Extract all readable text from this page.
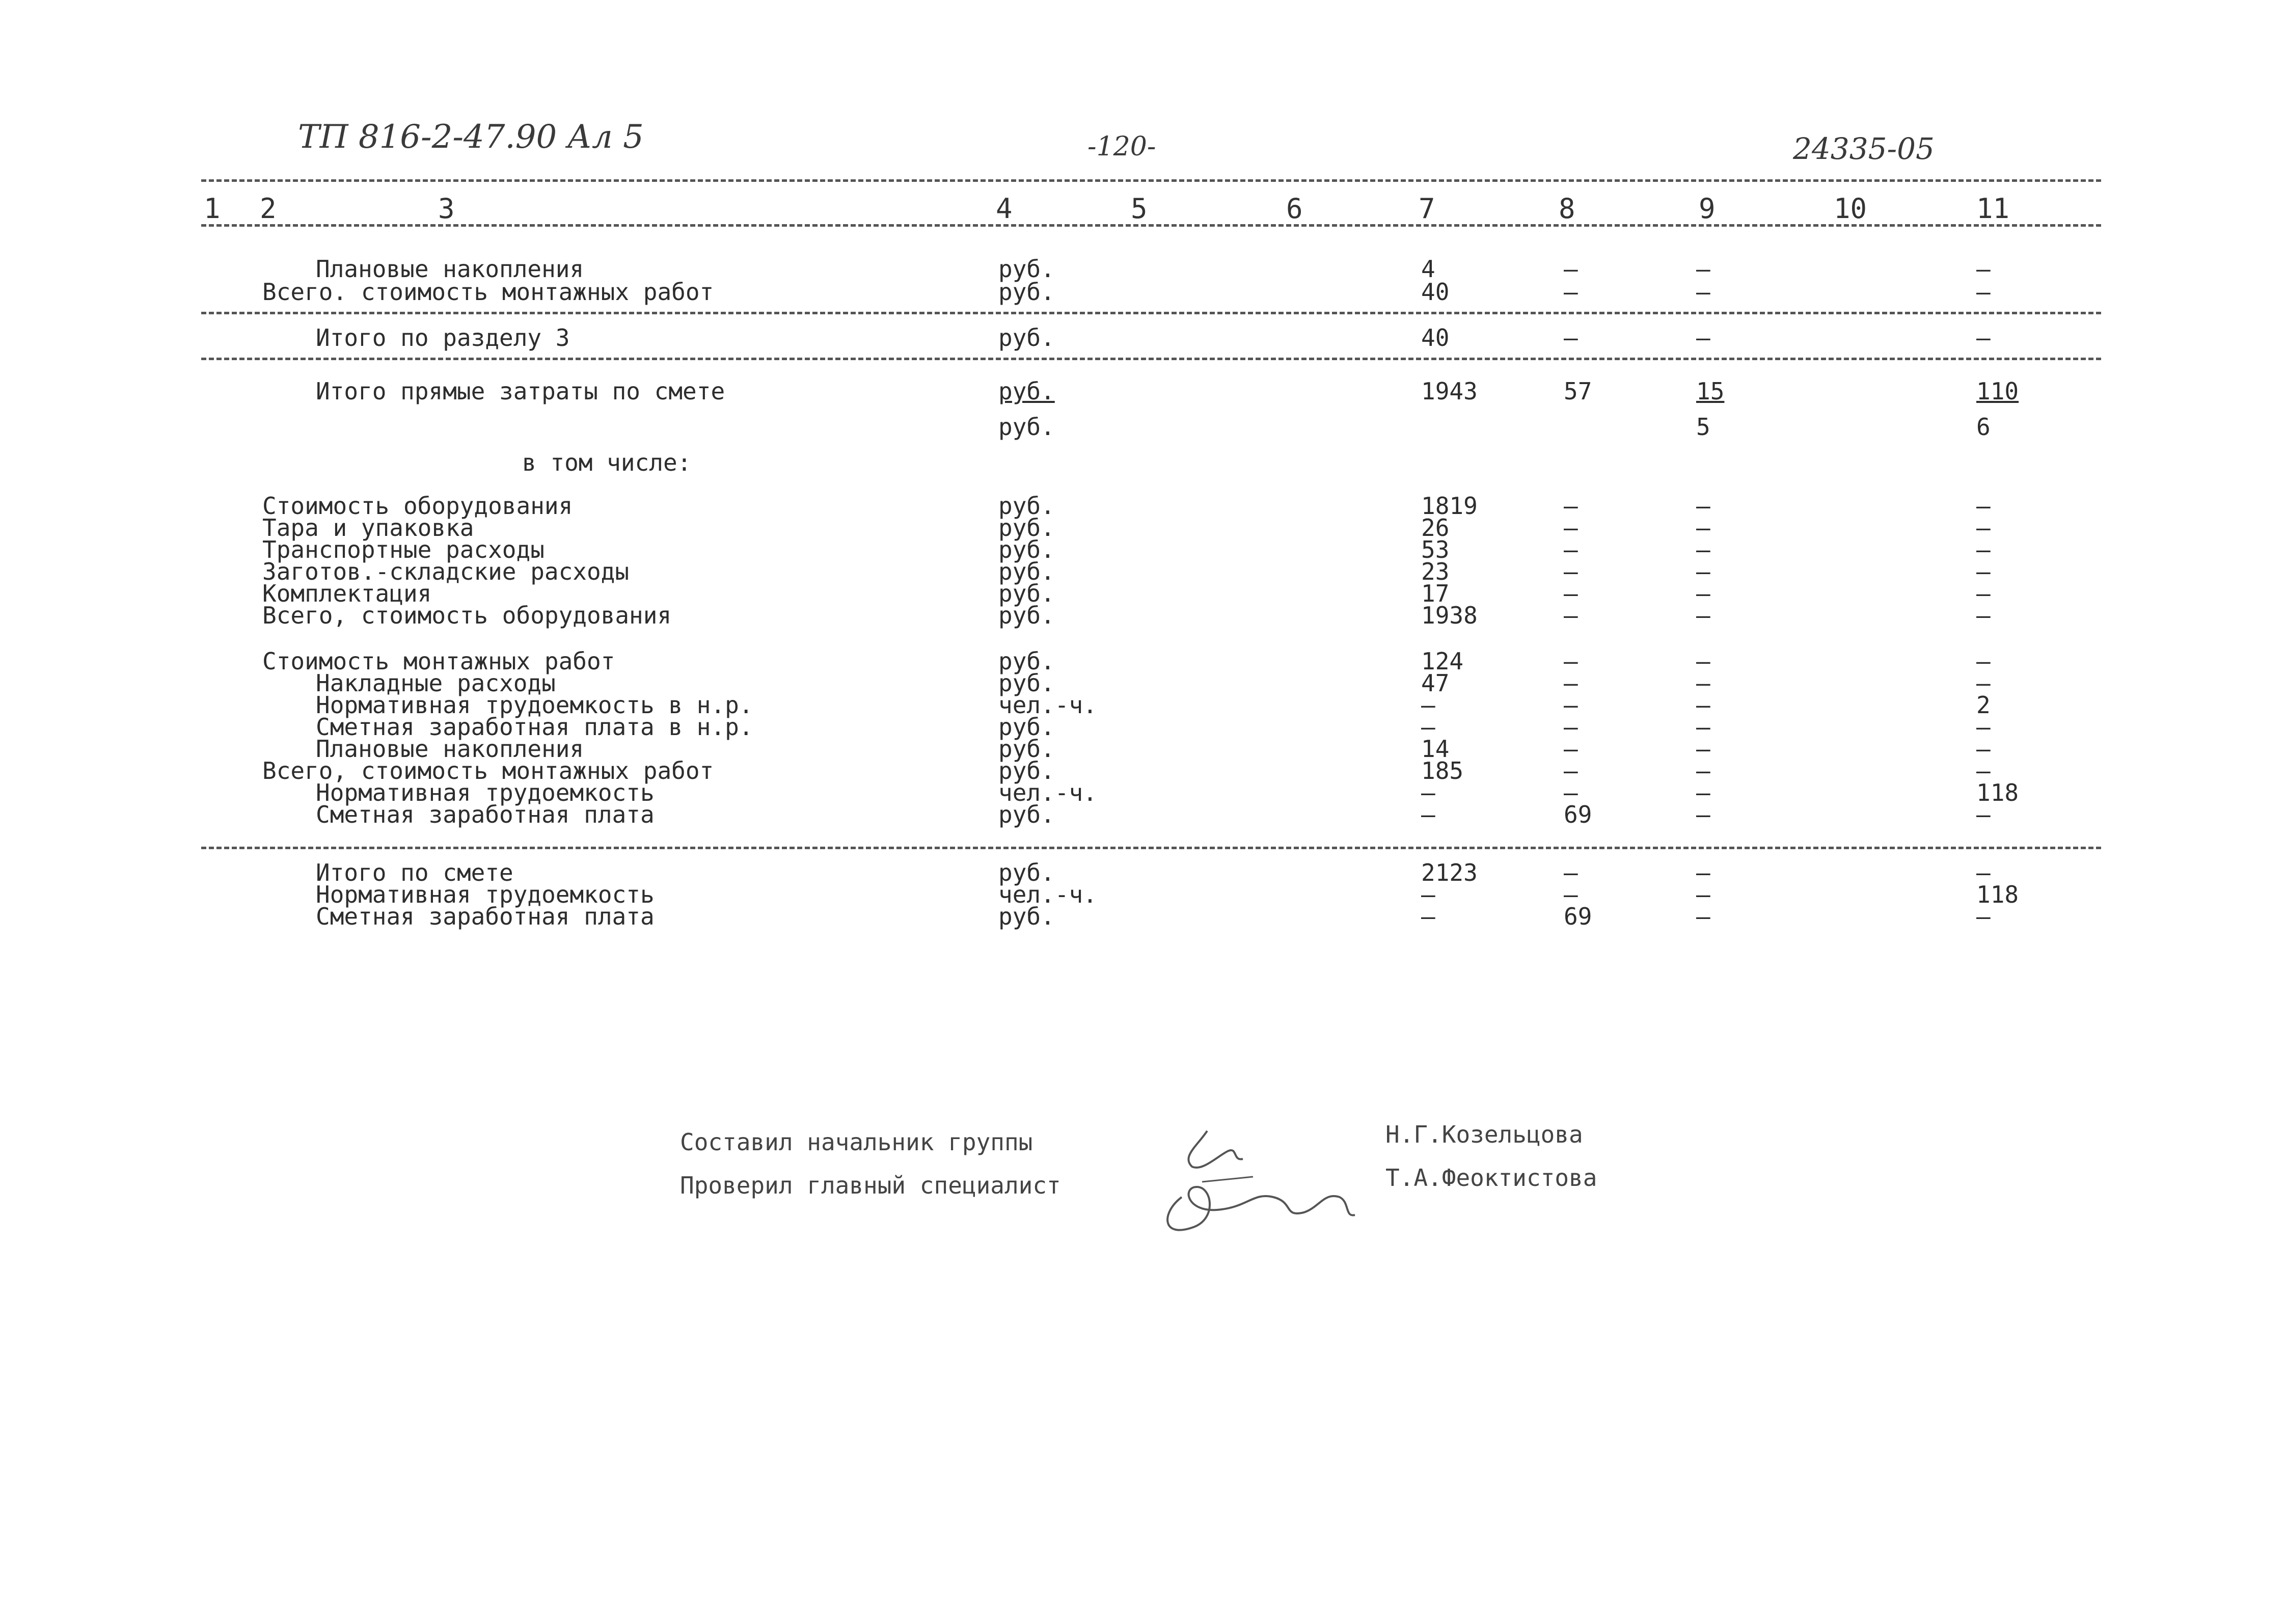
ТП 816-2-47.90 Ал 5	-120-	24335-05
1 2	3	4	5	6	7	8	9	10	11
Плановые накопления	руб.	4	–	–	–
Всего. стоимость монтажных работ	руб.	40	–	–	–
Итого по разделу 3	руб.	40	–	–	–
Итого прямые затраты по смете	руб.	1943	57	15	110
руб.	5	6
в том числе:
Стоимость оборудования	руб.	1819	–	–	–
Тара и упаковка	руб.	26	–	–	–
Транспортные расходы	руб.	53	–	–	–
Заготов.-складские расходы	руб.	23	–	–	–
Комплектация	руб.	17	–	–	–
Всего, стоимость оборудования	руб.	1938	–	–	–
Стоимость монтажных работ	руб.	124	–	–	–
Накладные расходы	руб.	47	–	–	–
Нормативная трудоемкость в н.р.	чел.-ч.	–	–	–	2
Сметная заработная плата в н.р.	руб.	–	–	–	–
Плановые накопления	руб.	14	–	–	–
Всего, стоимость монтажных работ	руб.	185	–	–	–
Нормативная трудоемкость	чел.-ч.	–	–	–	118
Сметная заработная плата	руб.	–	69	–	–
Итого по смете	руб.	2123	–	–	–
Нормативная трудоемкость	чел.-ч.	–	–	–	118
Сметная заработная плата	руб.	–	69	–	–
Составил начальник группы
Проверил главный специалист
Н.Г.Козельцова
Т.А.Феоктистова
